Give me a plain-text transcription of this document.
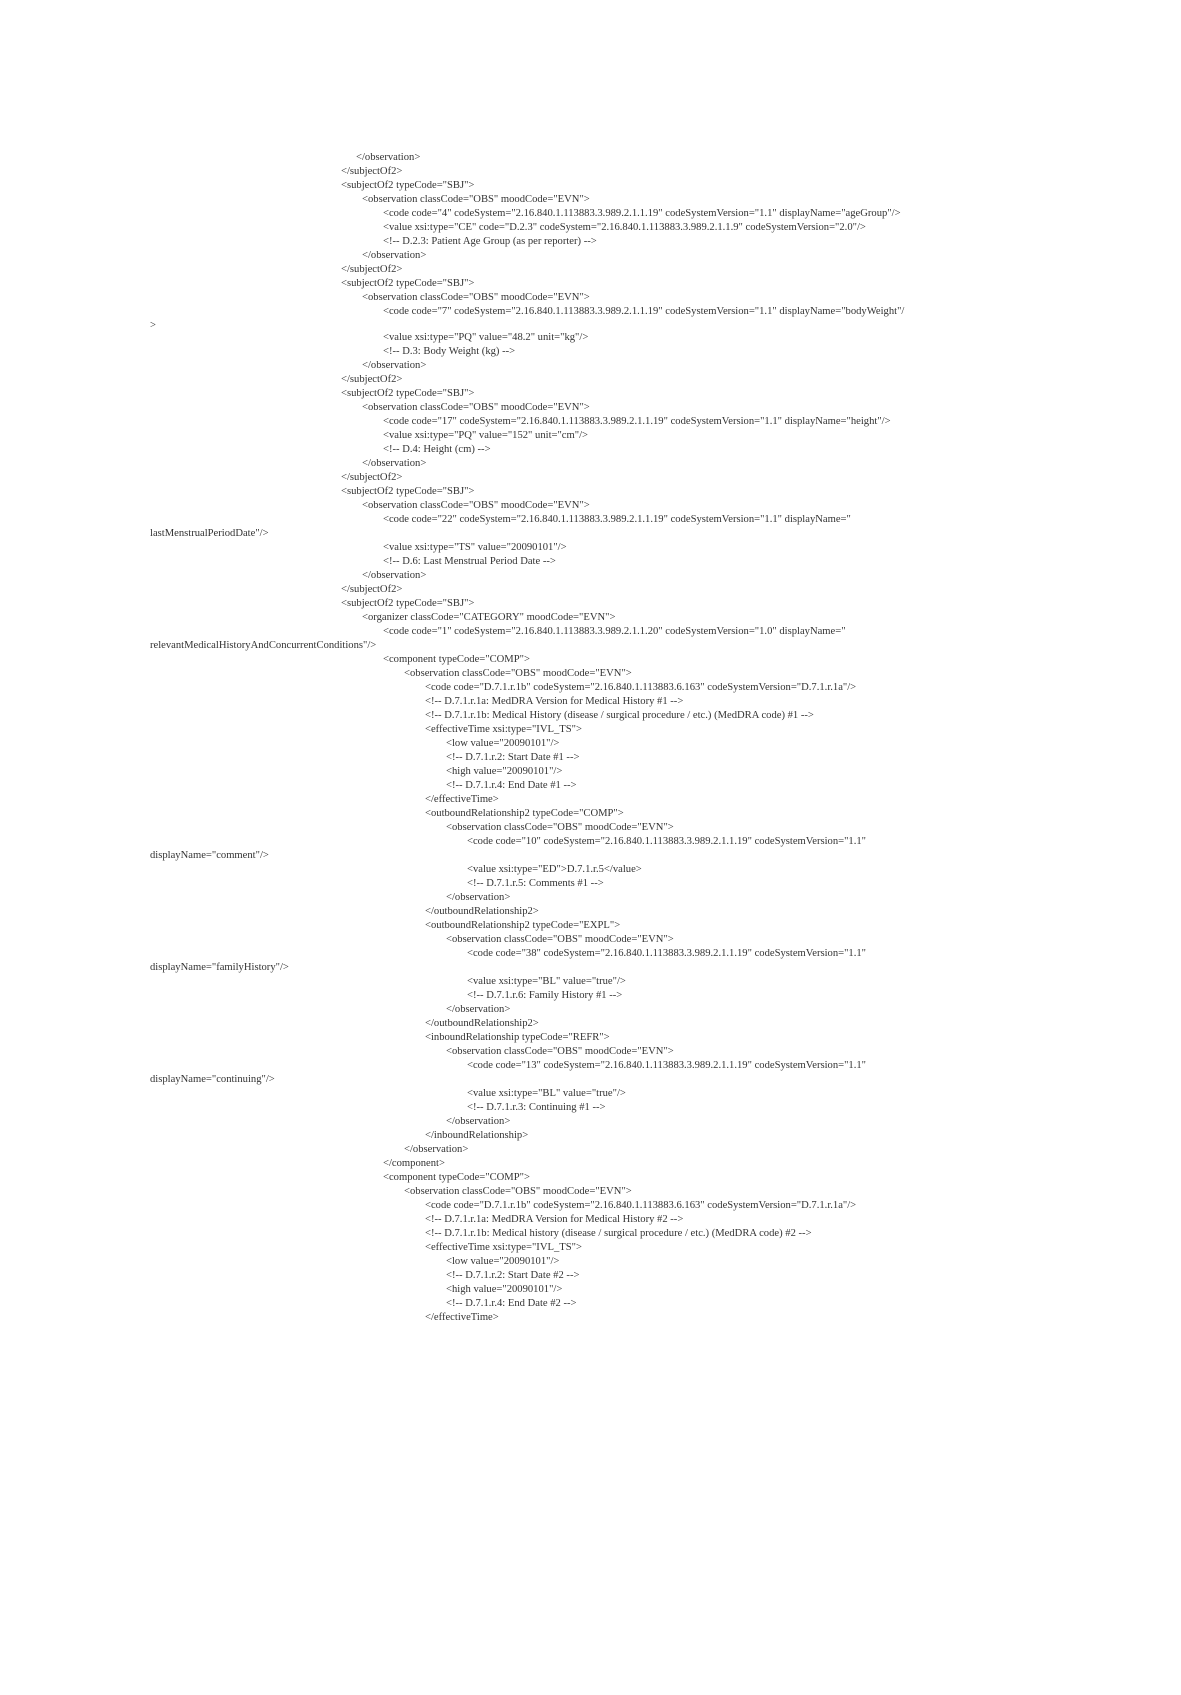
</observation>
</subjectOf2>
<subjectOf2 typeCode="SBJ">
<observation classCode="OBS" moodCode="EVN">
<code code="4" codeSystem="2.16.840.1.113883.3.989.2.1.1.19" codeSystemVersion="1.1" displayName="ageGroup"/>
<value xsi:type="CE" code="D.2.3" codeSystem="2.16.840.1.113883.3.989.2.1.1.9" codeSystemVersion="2.0"/>
<!-- D.2.3: Patient Age Group (as per reporter) -->
</observation>
</subjectOf2>
<subjectOf2 typeCode="SBJ">
<observation classCode="OBS" moodCode="EVN">
<code code="7" codeSystem="2.16.840.1.113883.3.989.2.1.1.19" codeSystemVersion="1.1" displayName="bodyWeight"/
>
<value xsi:type="PQ" value="48.2" unit="kg"/>
<!-- D.3: Body Weight (kg) -->
</observation>
</subjectOf2>
<subjectOf2 typeCode="SBJ">
<observation classCode="OBS" moodCode="EVN">
<code code="17" codeSystem="2.16.840.1.113883.3.989.2.1.1.19" codeSystemVersion="1.1" displayName="height"/>
<value xsi:type="PQ" value="152" unit="cm"/>
<!-- D.4: Height (cm) -->
</observation>
</subjectOf2>
<subjectOf2 typeCode="SBJ">
<observation classCode="OBS" moodCode="EVN">
<code code="22" codeSystem="2.16.840.1.113883.3.989.2.1.1.19" codeSystemVersion="1.1" displayName="
lastMenstrualPeriodDate"/>
<value xsi:type="TS" value="20090101"/>
<!-- D.6: Last Menstrual Period Date -->
</observation>
</subjectOf2>
<subjectOf2 typeCode="SBJ">
<organizer classCode="CATEGORY" moodCode="EVN">
<code code="1" codeSystem="2.16.840.1.113883.3.989.2.1.1.20" codeSystemVersion="1.0" displayName="
relevantMedicalHistoryAndConcurrentConditions"/>
<component typeCode="COMP">
<observation classCode="OBS" moodCode="EVN">
<code code="D.7.1.r.1b" codeSystem="2.16.840.1.113883.6.163" codeSystemVersion="D.7.1.r.1a"/>
<!-- D.7.1.r.1a: MedDRA Version for Medical History #1 -->
<!-- D.7.1.r.1b: Medical History (disease / surgical procedure / etc.) (MedDRA code) #1 -->
<effectiveTime xsi:type="IVL_TS">
<low value="20090101"/>
<!-- D.7.1.r.2: Start Date #1 -->
<high value="20090101"/>
<!-- D.7.1.r.4: End Date #1 -->
</effectiveTime>
<outboundRelationship2 typeCode="COMP">
<observation classCode="OBS" moodCode="EVN">
<code code="10" codeSystem="2.16.840.1.113883.3.989.2.1.1.19" codeSystemVersion="1.1"
displayName="comment"/>
<value xsi:type="ED">D.7.1.r.5</value>
<!-- D.7.1.r.5: Comments #1 -->
</observation>
</outboundRelationship2>
<outboundRelationship2 typeCode="EXPL">
<observation classCode="OBS" moodCode="EVN">
<code code="38" codeSystem="2.16.840.1.113883.3.989.2.1.1.19" codeSystemVersion="1.1"
displayName="familyHistory"/>
<value xsi:type="BL" value="true"/>
<!-- D.7.1.r.6: Family History #1 -->
</observation>
</outboundRelationship2>
<inboundRelationship typeCode="REFR">
<observation classCode="OBS" moodCode="EVN">
<code code="13" codeSystem="2.16.840.1.113883.3.989.2.1.1.19" codeSystemVersion="1.1"
displayName="continuing"/>
<value xsi:type="BL" value="true"/>
<!-- D.7.1.r.3: Continuing #1 -->
</observation>
</inboundRelationship>
</observation>
</component>
<component typeCode="COMP">
<observation classCode="OBS" moodCode="EVN">
<code code="D.7.1.r.1b" codeSystem="2.16.840.1.113883.6.163" codeSystemVersion="D.7.1.r.1a"/>
<!-- D.7.1.r.1a: MedDRA Version for Medical History #2 -->
<!-- D.7.1.r.1b: Medical history (disease / surgical procedure / etc.) (MedDRA code) #2 -->
<effectiveTime xsi:type="IVL_TS">
<low value="20090101"/>
<!-- D.7.1.r.2: Start Date #2 -->
<high value="20090101"/>
<!-- D.7.1.r.4: End Date #2 -->
</effectiveTime>
